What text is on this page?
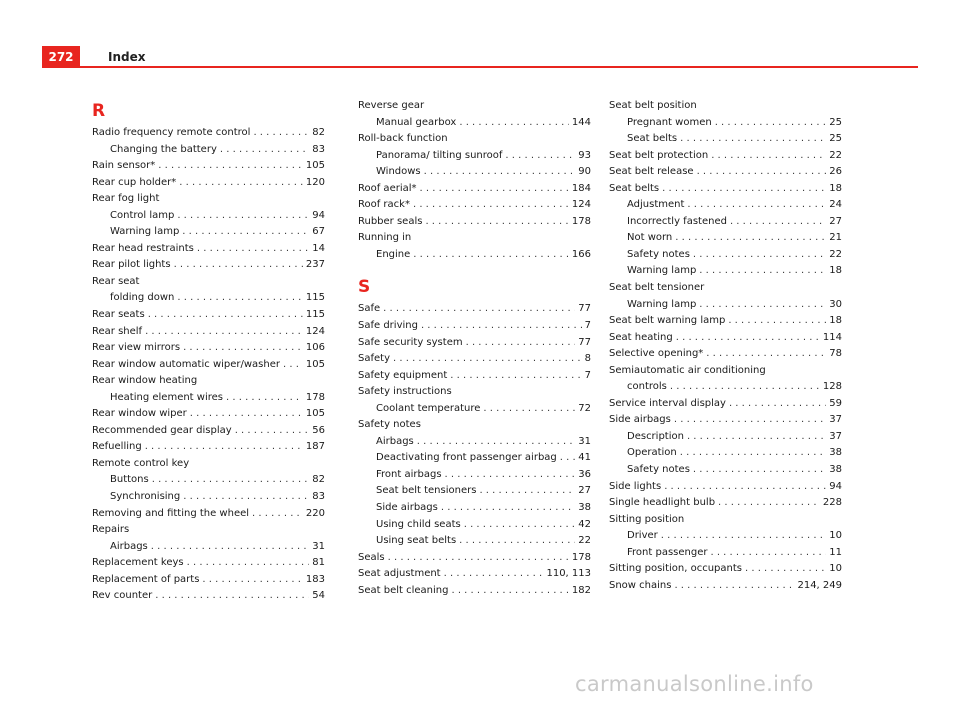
272	Index
R
Radio frequency remote control . . .	82
Changing the battery . . .	83
Rain sensor* . . .	105
Rear cup holder* . . .	120
Rear fog light
Control lamp . . .	94
Warning lamp . . .	67
Rear head restraints . . .	14
Rear pilot lights . . .	237
Rear seat
folding down . . .	115
Rear seats . . .	115
Rear shelf . . .	124
Rear view mirrors . . .	106
Rear window automatic wiper/washer . . .	105
Rear window heating
Heating element wires . . .	178
Rear window wiper . . .	105
Recommended gear display . . .	56
Refuelling . . .	187
Remote control key
Buttons . . .	82
Synchronising . . .	83
Removing and fitting the wheel . . .	220
Repairs
Airbags . . .	31
Replacement keys . . .	81
Replacement of parts . . .	183
Rev counter . . .	54
Reverse gear
Manual gearbox . . .	144
Roll-back function
Panorama/ tilting sunroof . . .	93
Windows . . .	90
Roof aerial* . . .	184
Roof rack* . . .	124
Rubber seals . . .	178
Running in
Engine . . .	166
S
Safe . . .	77
Safe driving . . .	7
Safe security system . . .	77
Safety . . .	8
Safety equipment . . .	7
Safety instructions
Coolant temperature . . .	72
Safety notes
Airbags . . .	31
Deactivating front passenger airbag . . . 41
Front airbags . . .	36
Seat belt tensioners . . .	27
Side airbags . . .	38
Using child seats . . .	42
Using seat belts . . .	22
Seals . . .	178
Seat adjustment . . .	110, 113
Seat belt cleaning . . .	182
Seat belt position
Pregnant women . . .	25
Seat belts . . .	25
Seat belt protection . . .	22
Seat belt release . . .	26
Seat belts . . .	18
Adjustment . . .	24
Incorrectly fastened . . .	27
Not worn . . .	21
Safety notes . . .	22
Warning lamp . . .	18
Seat belt tensioner
Warning lamp . . .	30
Seat belt warning lamp . . .	18
Seat heating . . .	114
Selective opening* . . .	78
Semiautomatic air conditioning
controls . . .	128
Service interval display . . .	59
Side airbags . . .	37
Description . . .	37
Operation . . .	38
Safety notes . . .	38
Side lights . . .	94
Single headlight bulb . . .	228
Sitting position
Driver . . .	10
Front passenger . . .	11
Sitting position, occupants . . .	10
Snow chains . . .	214, 249
carmanualsonline.info
